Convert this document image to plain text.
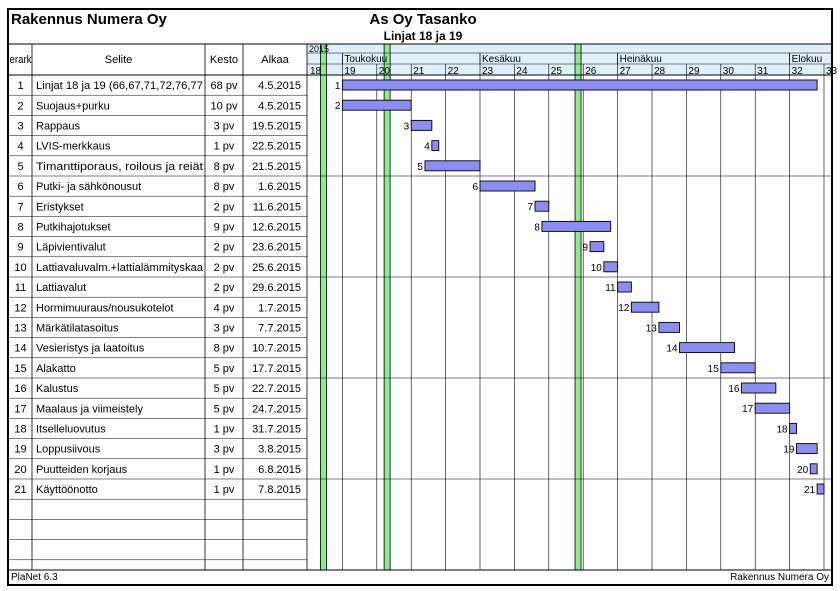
Rakennus Numera Oy	As Oy Tasanko
Linjat 18 ja 19
erark	Selite	Kesto Alkaa
2015
Toukokuu	Kesäkuu	Heinäkuu	Elokuu
18 19 20 21 22 23 24 25 26 27 28 29 30 31 32 33
1 Linjat 18 ja 19 (66,67,71,72,76,77 68 pv 4.5.2015	1
2 Suojaus+purku	10 pv 4.5.2015	2
3 Rappaus	3 pv 19.5.2015	3
4 LVIS-merkkaus	1 pv 22.5.2015	4
5 Timanttiporaus, roilous ja reiät 8 pv 21.5.2015	5
6 Putki- ja sähkönousut	8 pv 1.6.2015	6
7 Eristykset	2 pv 11.6.2015	7
8 Putkihajotukset	9 pv 12.6.2015	8
9 Läpivientivalut	2 pv 23.6.2015	9
10 Lattiavaluvalm.+lattialämmityskaa 2 pv 25.6.2015	10
11 Lattiavalut	2 pv 29.6.2015	11
12 Hormimuuraus/nousukotelot	4 pv 1.7.2015	12
13 Märkätilatasoitus	3 pv 7.7.2015	13
14 Vesieristys ja laatoitus	8 pv 10.7.2015	14
15 Alakatto	5 pv 17.7.2015	15
16 Kalustus	5 pv 22.7.2015	16
17 Maalaus ja viimeistely	5 pv 24.7.2015	17
18 Itselleluovutus	1 pv 31.7.2015	18
19 Loppusiivous	3 pv 3.8.2015	19
20 Puutteiden korjaus	1 pv 6.8.2015	20
21 Käyttöönotto	1 pv 7.8.2015	21
PlaNet 6.3	Rakennus Numera Oy
